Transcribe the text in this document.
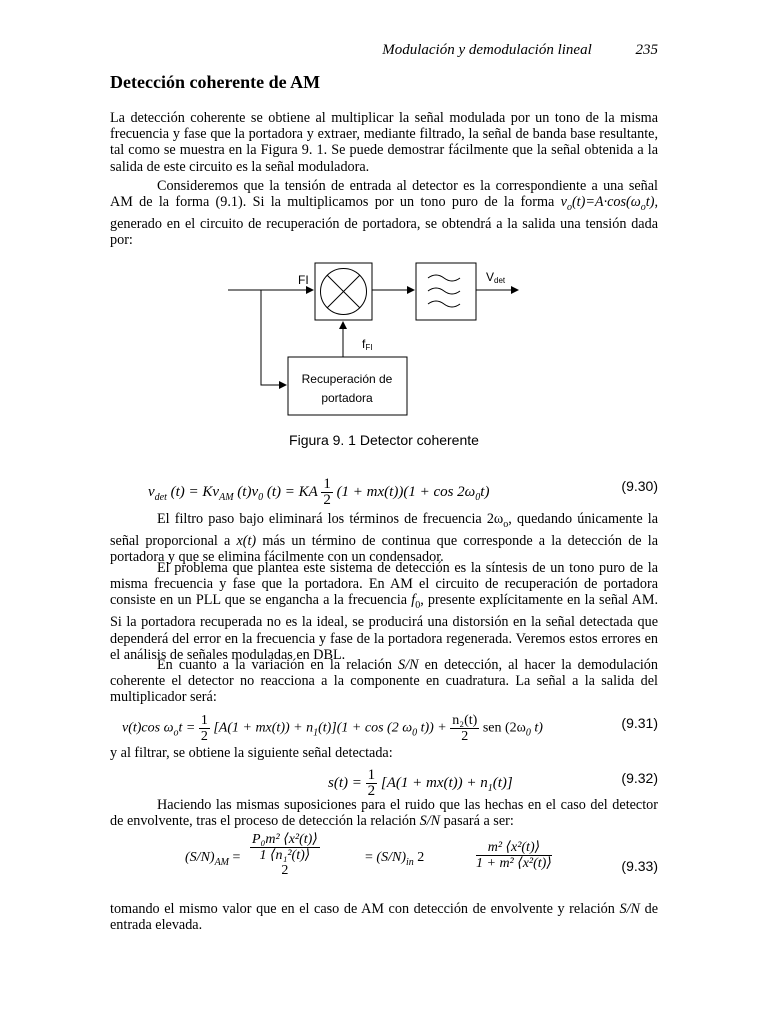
Modulación y demodulación lineal	235
Detección coherente de AM
La detección coherente se obtiene al multiplicar la señal modulada por un tono de la misma frecuencia y fase que la portadora y extraer, mediante filtrado, la señal de banda base resultante, tal como se muestra en la Figura 9. 1. Se puede demostrar fácilmente que la señal obtenida a la salida de este circuito es la señal moduladora.
Consideremos que la tensión de entrada al detector es la correspondiente a una señal AM de la forma (9.1). Si la multiplicamos por un tono puro de la forma $v_o(t)=A\cdot\cos(\omega_ot)$, generado en el circuito de recuperación de portadora, se obtendrá a la salida una tensión dada por:
FI	Vdet
Recuperación de
portadora
fFI
Figura 9. 1 Detector coherente
$v_{det}$ $(t) = Kv_{AM}$ $(t)v_0$ (t) = KA $\frac{1}{2} (1 + mx(t))(1 + \cos 2\omega_0t)$	(9.30)
El filtro paso bajo eliminará los términos de frecuencia $2\omega_o$, quedando únicamente la señal proporcional a x(t) más un término de continua que corresponde a la detección de la portadora y que se elimina fácilmente con un condensador.
El problema que plantea este sistema de detección es la síntesis de un tono puro de la misma frecuencia y fase que la portadora. En AM el circuito de recuperación de portadora consiste en un PLL que se engancha a la frecuencia $f_0$, presente explícitamente en la señal AM. Si la portadora recuperada no es la ideal, se producirá una distorsión en la señal detectada que dependerá del error en la frecuencia y fase de la portadora regenerada. Veremos estos errores en el análisis de señales moduladas en DBL.
En cuanto a la variación en la relación S/N en detección, al hacer la demodulación coherente el detector no reacciona a la componente en cuadratura. La señal a la salida del multiplicador será:
v(t)cos $\omega_ot = \frac{1}{2} [A(1 + mx(t)) + n_1(t)](1 + \cos (2$ $\omega_0$ $t)) + \frac{\text{n₂(t)}}{2}$ sen ($2\omega_0$ t)	(9.31)
y al filtrar, se obtiene la siguiente señal detectada:
$s(t) = \frac{1}{2} [A(1 + mx(t)) + n_1(t)]$	(9.32)
Haciendo las mismas suposiciones para el ruido que las hechas en el caso del detector de envolvente, tras el proceso de detección la relación S/N pasará a ser:
$(S/N)_{AM}$ =
P₀m² ⟨x²(t)⟩
1 ⟨n₁²(t)⟩
2
= $(S/N)_{in}$ 2	$\frac{\text{m² ⟨x²(t)⟩}}{\text{1 + m² ⟨x²(t)⟩}}$	(9.33)
tomando el mismo valor que en el caso de AM con detección de envolvente y relación S/N de entrada elevada.
